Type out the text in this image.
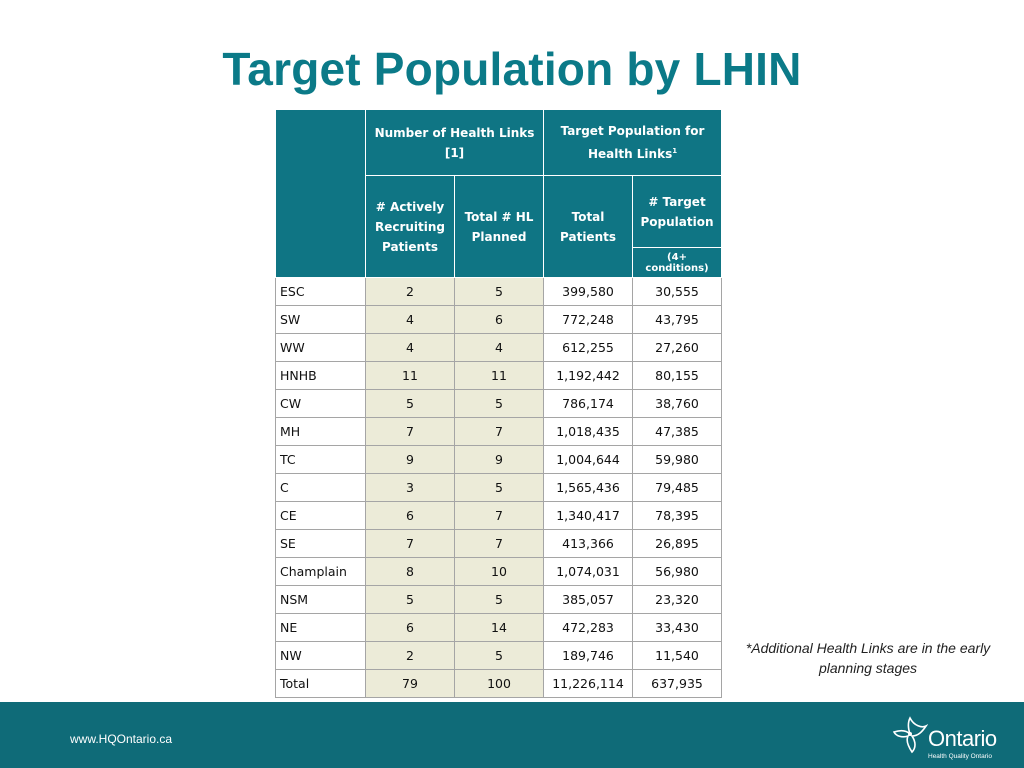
Target Population by LHIN
	Number of Health Links [1]		Target Population for Health Links$^1$
	# Actively Recruiting Patients	Total # HL Planned	Total Patients	# Target Population
				(4+ conditions)
ESC	2	5	399,580	30,555
SW	4	6	772,248	43,795
WW	4	4	612,255	27,260
HNHB	11	11	1,192,442	80,155
CW	5	5	786,174	38,760
MH	7	7	1,018,435	47,385
TC	9	9	1,004,644	59,980
C	3	5	1,565,436	79,485
CE	6	7	1,340,417	78,395
SE	7	7	413,366	26,895
Champlain	8	10	1,074,031	56,980
NSM	5	5	385,057	23,320
NE	6	14	472,283	33,430
NW	2	5	189,746	11,540
Total	79	100	11,226,114	637,935
*Additional Health Links are in the early planning stages
www.HQOntario.ca	Ontario
Health Quality Ontario
